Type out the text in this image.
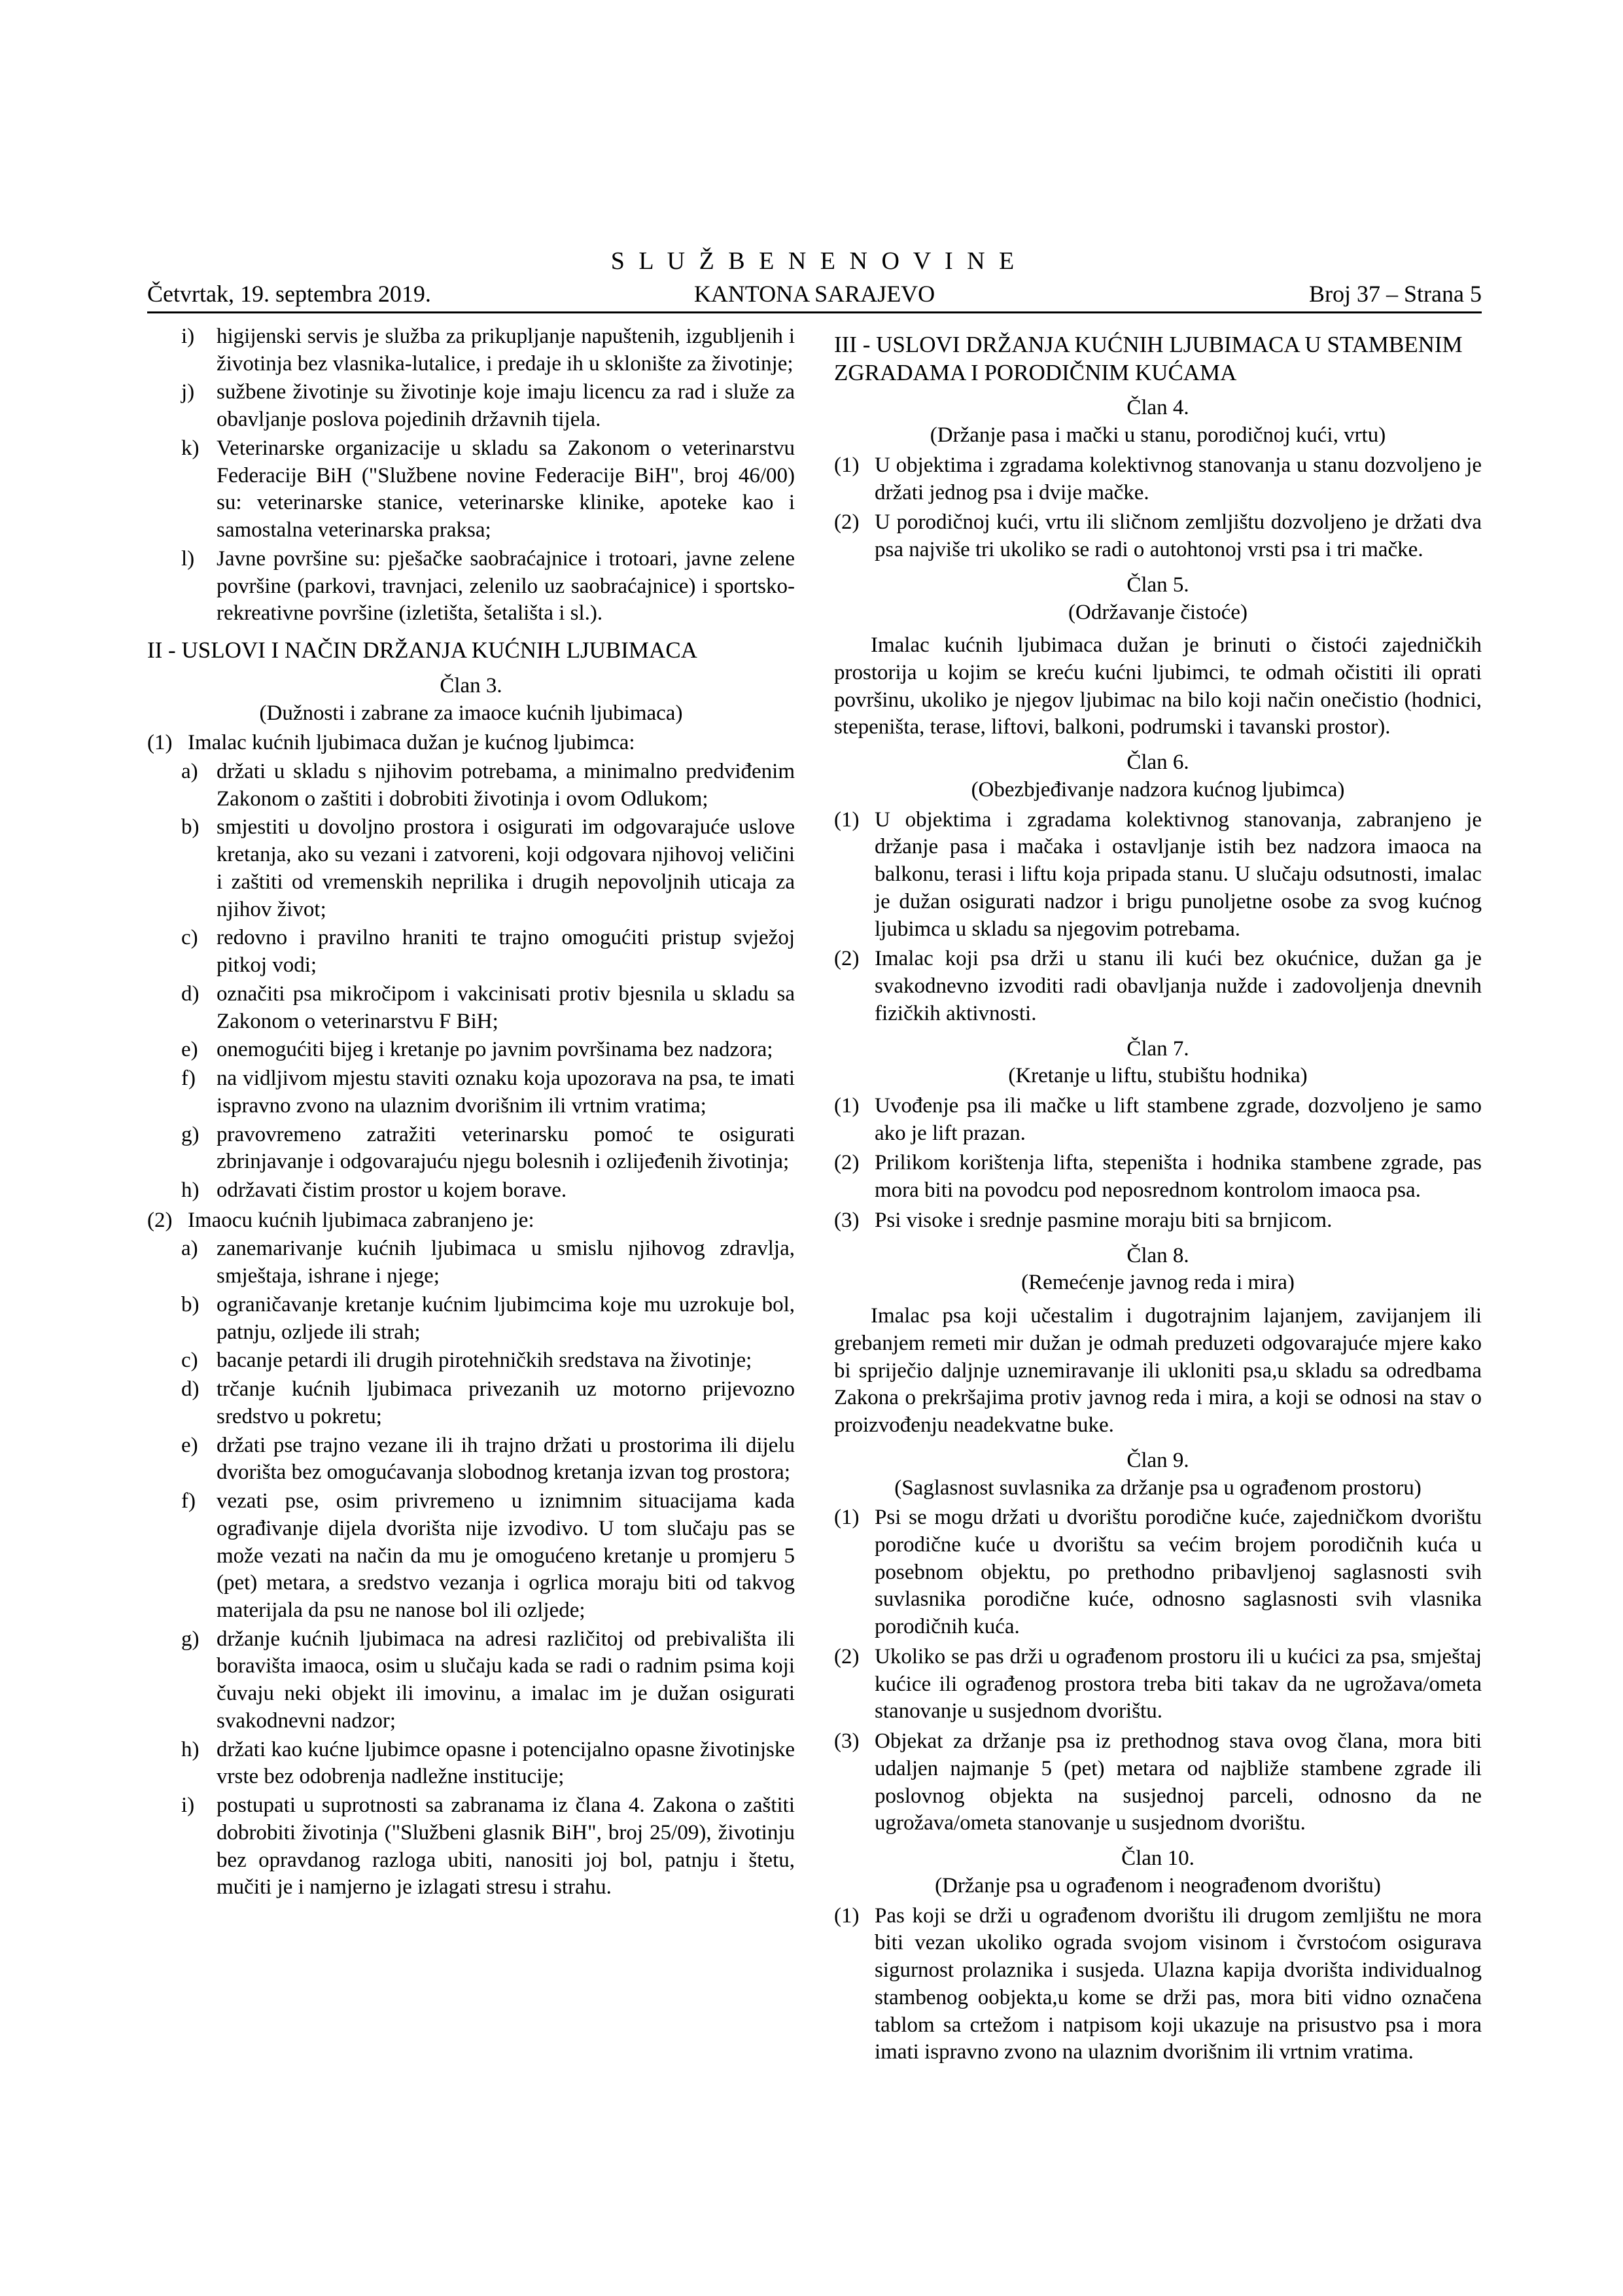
S L U Ž B E N E N O V I N E
Četvrtak, 19. septembra 2019.	KANTONA SARAJEVO	Broj 37 – Strana 5
i)	higijenski servis je služba za prikupljanje napuštenih, izgubljenih i životinja bez vlasnika-lutalice, i predaje ih u sklonište za životinje;
j)	sužbene životinje su životinje koje imaju licencu za rad i služe za obavljanje poslova pojedinih državnih tijela.
k) Veterinarske organizacije u skladu sa Zakonom o veterinarstvu Federacije BiH ("Službene novine Federacije BiH", broj 46/00) su: veterinarske stanice, veterinarske klinike, apoteke kao i samostalna veterinarska praksa;
l)	Javne površine su: pješačke saobraćajnice i trotoari, javne zelene površine (parkovi, travnjaci, zelenilo uz saobraćajnice) i sportsko-rekreativne površine (izletišta, šetališta i sl.).
II - USLOVI I NAČIN DRŽANJA KUĆNIH LJUBIMACA
Član 3.
(Dužnosti i zabrane za imaoce kućnih ljubimaca)
(1) Imalac kućnih ljubimaca dužan je kućnog ljubimca:
a) držati u skladu s njihovim potrebama, a minimalno predviđenim Zakonom o zaštiti i dobrobiti životinja i ovom Odlukom;
b) smjestiti u dovoljno prostora i osigurati im odgovarajuće uslove kretanja, ako su vezani i zatvoreni, koji odgovara njihovoj veličini i zaštiti od vremenskih neprilika i drugih nepovoljnih uticaja za njihov život;
c) redovno i pravilno hraniti te trajno omogućiti pristup svježoj pitkoj vodi;
d) označiti psa mikročipom i vakcinisati protiv bjesnila u skladu sa Zakonom o veterinarstvu F BiH;
e) onemogućiti bijeg i kretanje po javnim površinama bez nadzora;
f) na vidljivom mjestu staviti oznaku koja upozorava na psa, te imati ispravno zvono na ulaznim dvorišnim ili vrtnim vratima;
g) pravovremeno zatražiti veterinarsku pomoć te osigurati zbrinjavanje i odgovarajuću njegu bolesnih i ozlijeđenih životinja;
h) održavati čistim prostor u kojem borave.
(2) Imaocu kućnih ljubimaca zabranjeno je:
a) zanemarivanje kućnih ljubimaca u smislu njihovog zdravlja, smještaja, ishrane i njege;
b) ograničavanje kretanje kućnim ljubimcima koje mu uzrokuje bol, patnju, ozljede ili strah;
c) bacanje petardi ili drugih pirotehničkih sredstava na životinje;
d) trčanje kućnih ljubimaca privezanih uz motorno prijevozno sredstvo u pokretu;
e) držati pse trajno vezane ili ih trajno držati u prostorima ili dijelu dvorišta bez omogućavanja slobodnog kretanja izvan tog prostora;
f) vezati pse, osim privremeno u iznimnim situacijama kada ograđivanje dijela dvorišta nije izvodivo. U tom slučaju pas se može vezati na način da mu je omogućeno kretanje u promjeru 5 (pet) metara, a sredstvo vezanja i ogrlica moraju biti od takvog materijala da psu ne nanose bol ili ozljede;
g) držanje kućnih ljubimaca na adresi različitoj od prebivališta ili boravišta imaoca, osim u slučaju kada se radi o radnim psima koji čuvaju neki objekt ili imovinu, a imalac im je dužan osigurati svakodnevni nadzor;
h) držati kao kućne ljubimce opasne i potencijalno opasne životinjske vrste bez odobrenja nadležne institucije;
i)	postupati u suprotnosti sa zabranama iz člana 4. Zakona o zaštiti dobrobiti životinja ("Službeni glasnik BiH", broj 25/09), životinju bez opravdanog razloga ubiti, nanositi joj bol, patnju i štetu, mučiti je i namjerno je izlagati stresu i strahu.
III - USLOVI DRŽANJA KUĆNIH LJUBIMACA U STAMBENIM ZGRADAMA I PORODIČNIM KUĆAMA
Član 4.
(Držanje pasa i mački u stanu, porodičnoj kući, vrtu)
(1) U objektima i zgradama kolektivnog stanovanja u stanu dozvoljeno je držati jednog psa i dvije mačke.
(2) U porodičnoj kući, vrtu ili sličnom zemljištu dozvoljeno je držati dva psa najviše tri ukoliko se radi o autohtonoj vrsti psa i tri mačke.
Član 5.
(Održavanje čistoće)
Imalac kućnih ljubimaca dužan je brinuti o čistoći zajedničkih prostorija u kojim se kreću kućni ljubimci, te odmah očistiti ili oprati površinu, ukoliko je njegov ljubimac na bilo koji način onečistio (hodnici, stepeništa, terase, liftovi, balkoni, podrumski i tavanski prostor).
Član 6.
(Obezbjeđivanje nadzora kućnog ljubimca)
(1) U objektima i zgradama kolektivnog stanovanja, zabranjeno je držanje pasa i mačaka i ostavljanje istih bez nadzora imaoca na balkonu, terasi i liftu koja pripada stanu. U slučaju odsutnosti, imalac je dužan osigurati nadzor i brigu punoljetne osobe za svog kućnog ljubimca u skladu sa njegovim potrebama.
(2) Imalac koji psa drži u stanu ili kući bez okućnice, dužan ga je svakodnevno izvoditi radi obavljanja nužde i zadovoljenja dnevnih fizičkih aktivnosti.
Član 7.
(Kretanje u liftu, stubištu hodnika)
(1) Uvođenje psa ili mačke u lift stambene zgrade, dozvoljeno je samo ako je lift prazan.
(2) Prilikom korištenja lifta, stepeništa i hodnika stambene zgrade, pas mora biti na povodcu pod neposrednom kontrolom imaoca psa.
(3) Psi visoke i srednje pasmine moraju biti sa brnjicom.
Član 8.
(Remećenje javnog reda i mira)
Imalac psa koji učestalim i dugotrajnim lajanjem, zavijanjem ili grebanjem remeti mir dužan je odmah preduzeti odgovarajuće mjere kako bi spriječio daljnje uznemiravanje ili ukloniti psa,u skladu sa odredbama Zakona o prekršajima protiv javnog reda i mira, a koji se odnosi na stav o proizvođenju neadekvatne buke.
Član 9.
(Saglasnost suvlasnika za držanje psa u ograđenom prostoru)
(1) Psi se mogu držati u dvorištu porodične kuće, zajedničkom dvorištu porodične kuće u dvorištu sa većim brojem porodičnih kuća u posebnom objektu, po prethodno pribavljenoj saglasnosti svih suvlasnika porodične kuće, odnosno saglasnosti svih vlasnika porodičnih kuća.
(2) Ukoliko se pas drži u ograđenom prostoru ili u kućici za psa, smještaj kućice ili ograđenog prostora treba biti takav da ne ugrožava/ometa stanovanje u susjednom dvorištu.
(3) Objekat za držanje psa iz prethodnog stava ovog člana, mora biti udaljen najmanje 5 (pet) metara od najbliže stambene zgrade ili poslovnog objekta na susjednoj parceli, odnosno da ne ugrožava/ometa stanovanje u susjednom dvorištu.
Član 10.
(Držanje psa u ograđenom i neograđenom dvorištu)
(1) Pas koji se drži u ograđenom dvorištu ili drugom zemljištu ne mora biti vezan ukoliko ograda svojom visinom i čvrstoćom osigurava sigurnost prolaznika i susjeda. Ulazna kapija dvorišta individualnog stambenog oobjekta,u kome se drži pas, mora biti vidno označena tablom sa crtežom i natpisom koji ukazuje na prisustvo psa i mora imati ispravno zvono na ulaznim dvorišnim ili vrtnim vratima.
